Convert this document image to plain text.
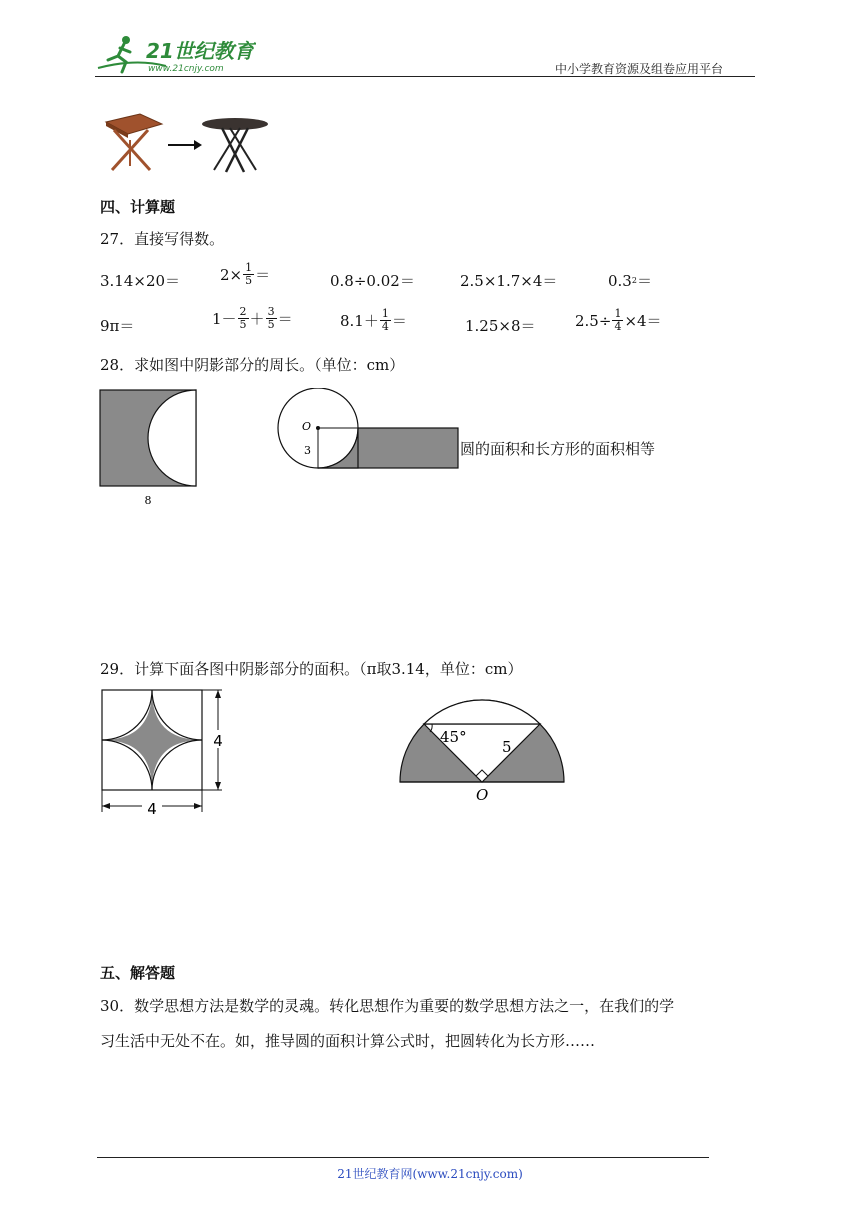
21世纪教育
www.21cnjy.com	中小学教育资源及组卷应用平台
四、计算题
27．直接写得数。
3.14×20＝	$2\times \frac{1}{5}$ ＝	0.8÷0.02＝	2.5×1.7×4＝	0.3 2 ＝
9π＝	$1- \frac{2}{5} + \frac{3}{5}$ ＝	$8.1+ \frac{1}{4}$ ＝	1.25×8＝	$2.5\div \frac{1}{4} \times 4=$
28．求如图中阴影部分的周长。（单位：cm）
8
O
3	圆的面积和长方形的面积相等
29．计算下面各图中阴影部分的面积。（π取3.14，单位：cm）
4
4
45°
5
O
五、解答题
30．数学思想方法是数学的灵魂。转化思想作为重要的数学思想方法之一，在我们的学
习生活中无处不在。如，推导圆的面积计算公式时，把圆转化为长方形……
21世纪教育网(www.21cnjy.com)
